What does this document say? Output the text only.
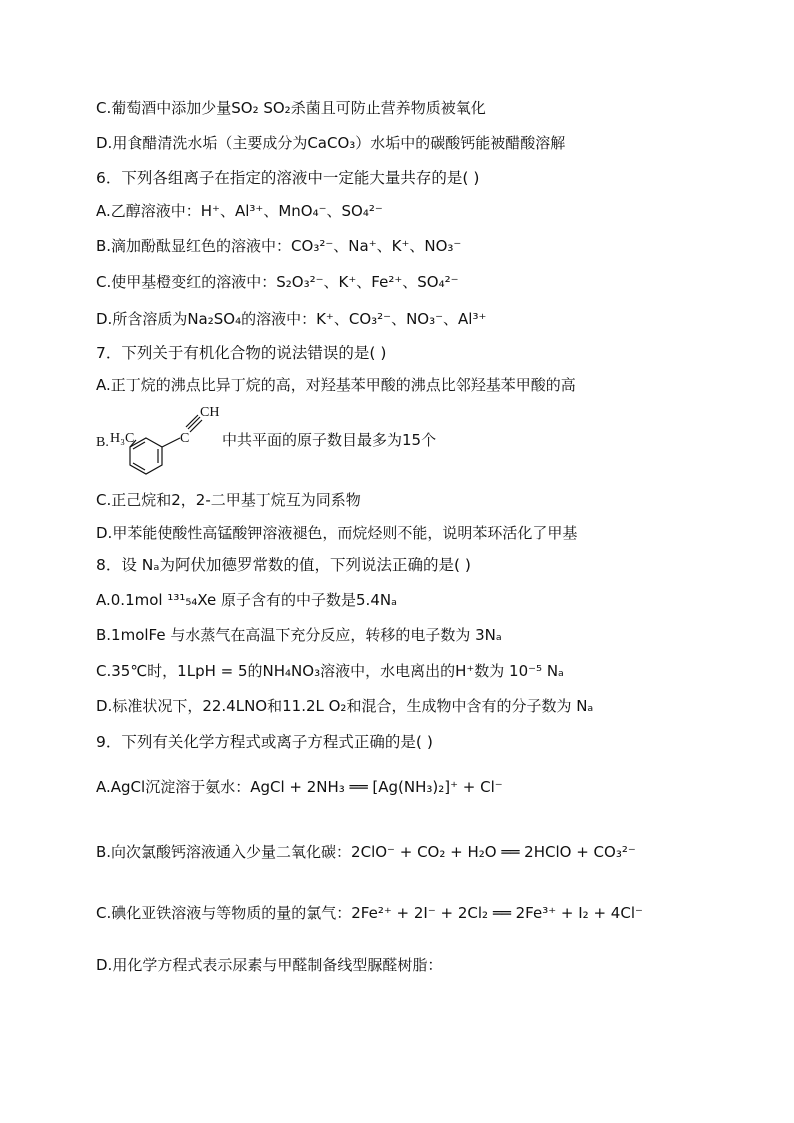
C.葡萄酒中添加少量SO₂ SO₂杀菌且可防止营养物质被氧化
D.用食醋清洗水垢（主要成分为CaCO₃）水垢中的碳酸钙能被醋酸溶解
6．下列各组离子在指定的溶液中一定能大量共存的是( )
A.乙醇溶液中：H⁺、Al³⁺、MnO₄⁻、SO₄²⁻
B.滴加酚酞显红色的溶液中：CO₃²⁻、Na⁺、K⁺、NO₃⁻
C.使甲基橙变红的溶液中：S₂O₃²⁻、K⁺、Fe²⁺、SO₄²⁻
D.所含溶质为Na₂SO₄的溶液中：K⁺、CO₃²⁻、NO₃⁻、Al³⁺
7．下列关于有机化合物的说法错误的是( )
A.正丁烷的沸点比异丁烷的高，对羟基苯甲酸的沸点比邻羟基苯甲酸的高
B. H₃C	C
CH
中共平面的原子数目最多为15个
C.正己烷和2，2-二甲基丁烷互为同系物
D.甲苯能使酸性高锰酸钾溶液褪色，而烷烃则不能，说明苯环活化了甲基
8．设 Nₐ为阿伏加德罗常数的值，下列说法正确的是( )
A.0.1mol ¹³¹₅₄Xe 原子含有的中子数是5.4Nₐ
B.1molFe 与水蒸气在高温下充分反应，转移的电子数为 3Nₐ
C.35℃时，1LpH = 5的NH₄NO₃溶液中，水电离出的H⁺数为 10⁻⁵ Nₐ
D.标准状况下，22.4LNO和11.2L O₂和混合，生成物中含有的分子数为 Nₐ
9．下列有关化学方程式或离子方程式正确的是( )
A.AgCl沉淀溶于氨水：AgCl + 2NH₃ ══ [Ag(NH₃)₂]⁺ + Cl⁻
B.向次氯酸钙溶液通入少量二氧化碳：2ClO⁻ + CO₂ + H₂O ══ 2HClO + CO₃²⁻
C.碘化亚铁溶液与等物质的量的氯气：2Fe²⁺ + 2I⁻ + 2Cl₂ ══ 2Fe³⁺ + I₂ + 4Cl⁻
D.用化学方程式表示尿素与甲醛制备线型脲醛树脂：
